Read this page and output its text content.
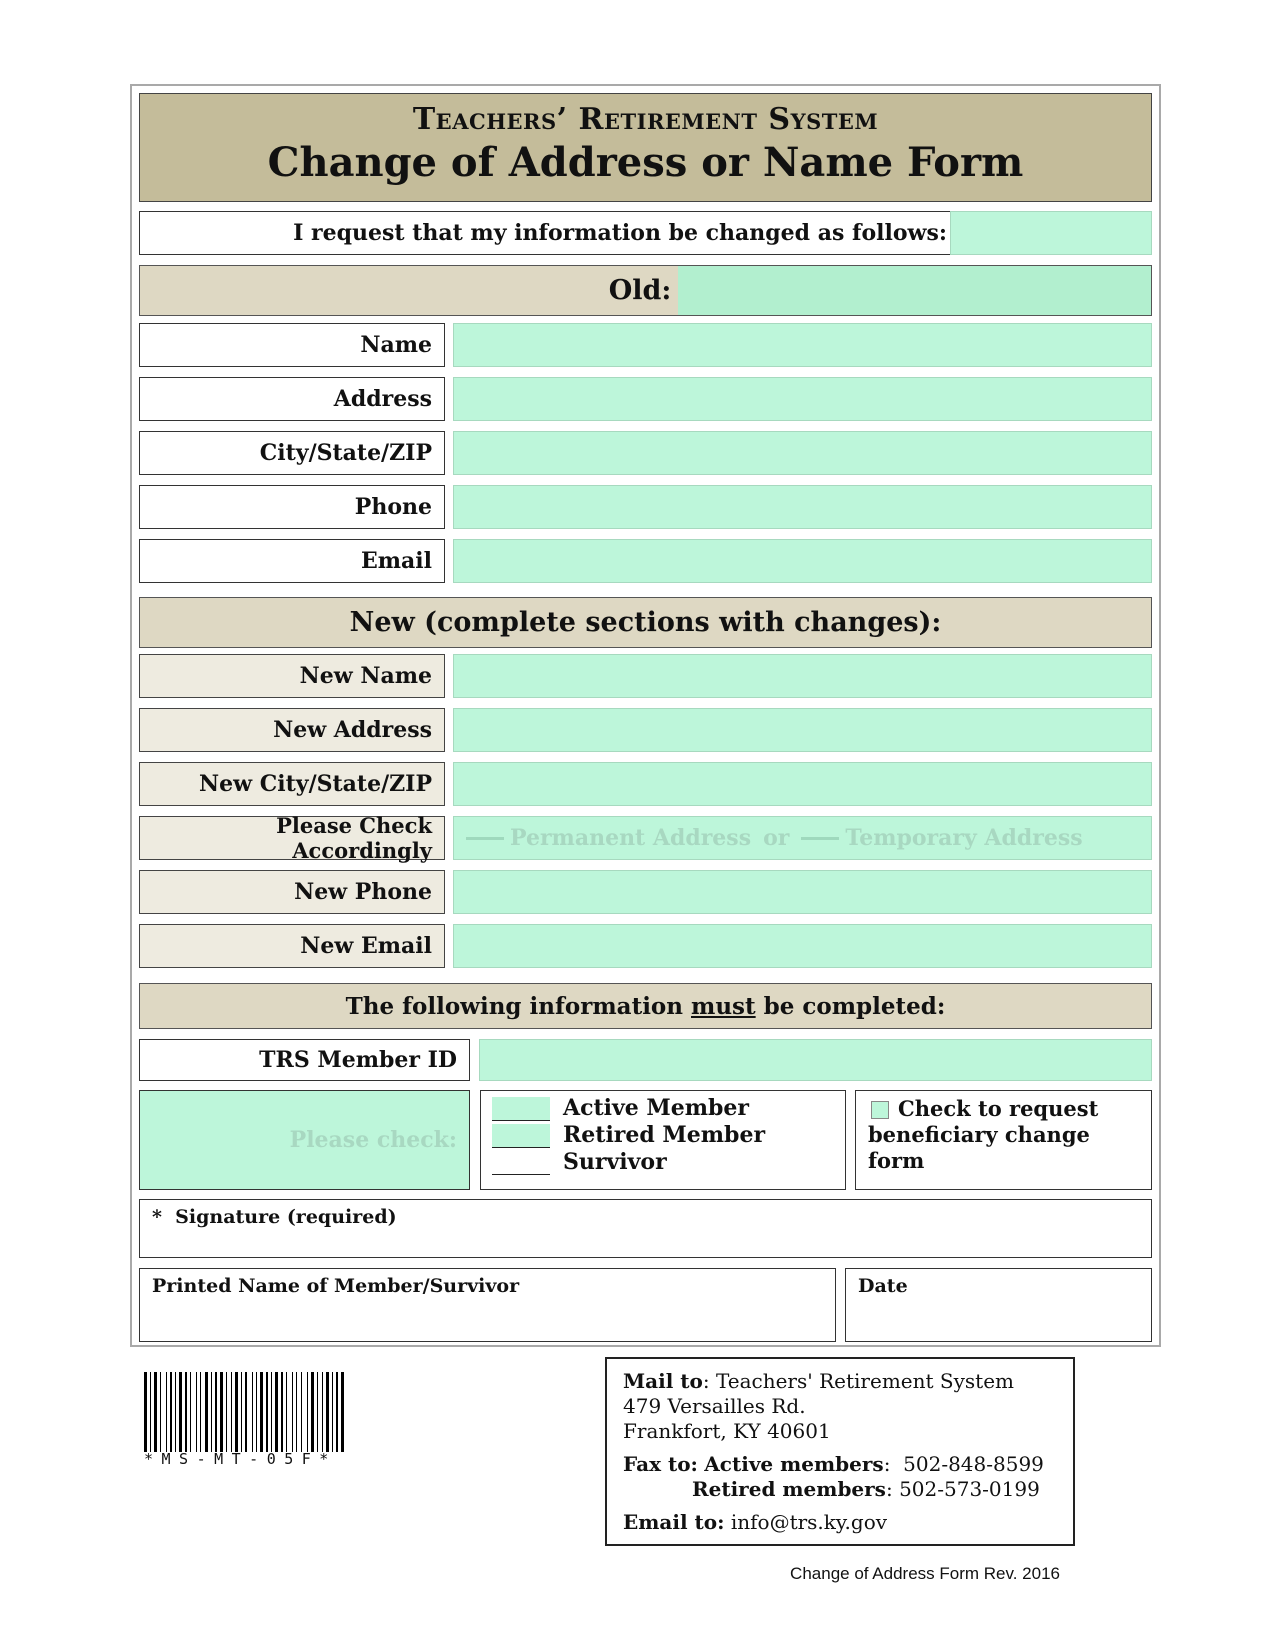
Teachers’ Retirement System
Change of Address or Name Form
I request that my information be changed as follows:
Old:
Name
Address
City/State/ZIP
Phone
Email
New (complete sections with changes):
New Name
New Address
New City/State/ZIP
Please Check Accordingly	Permanent Address or	Temporary Address
New Phone
New Email
The following information must be completed:
TRS Member ID
Please check:
Active Member
Retired Member
Survivor
Check to request beneficiary change form
*  Signature (required)
Printed Name of Member/Survivor	Date
*MS-MT-05F*
Mail to: Teachers' Retirement System
479 Versailles Rd.
Frankfort, KY 40601
Fax to: Active members:  502-848-8599
Retired members: 502-573-0199
Email to: info@trs.ky.gov
Change of Address Form Rev. 2016
